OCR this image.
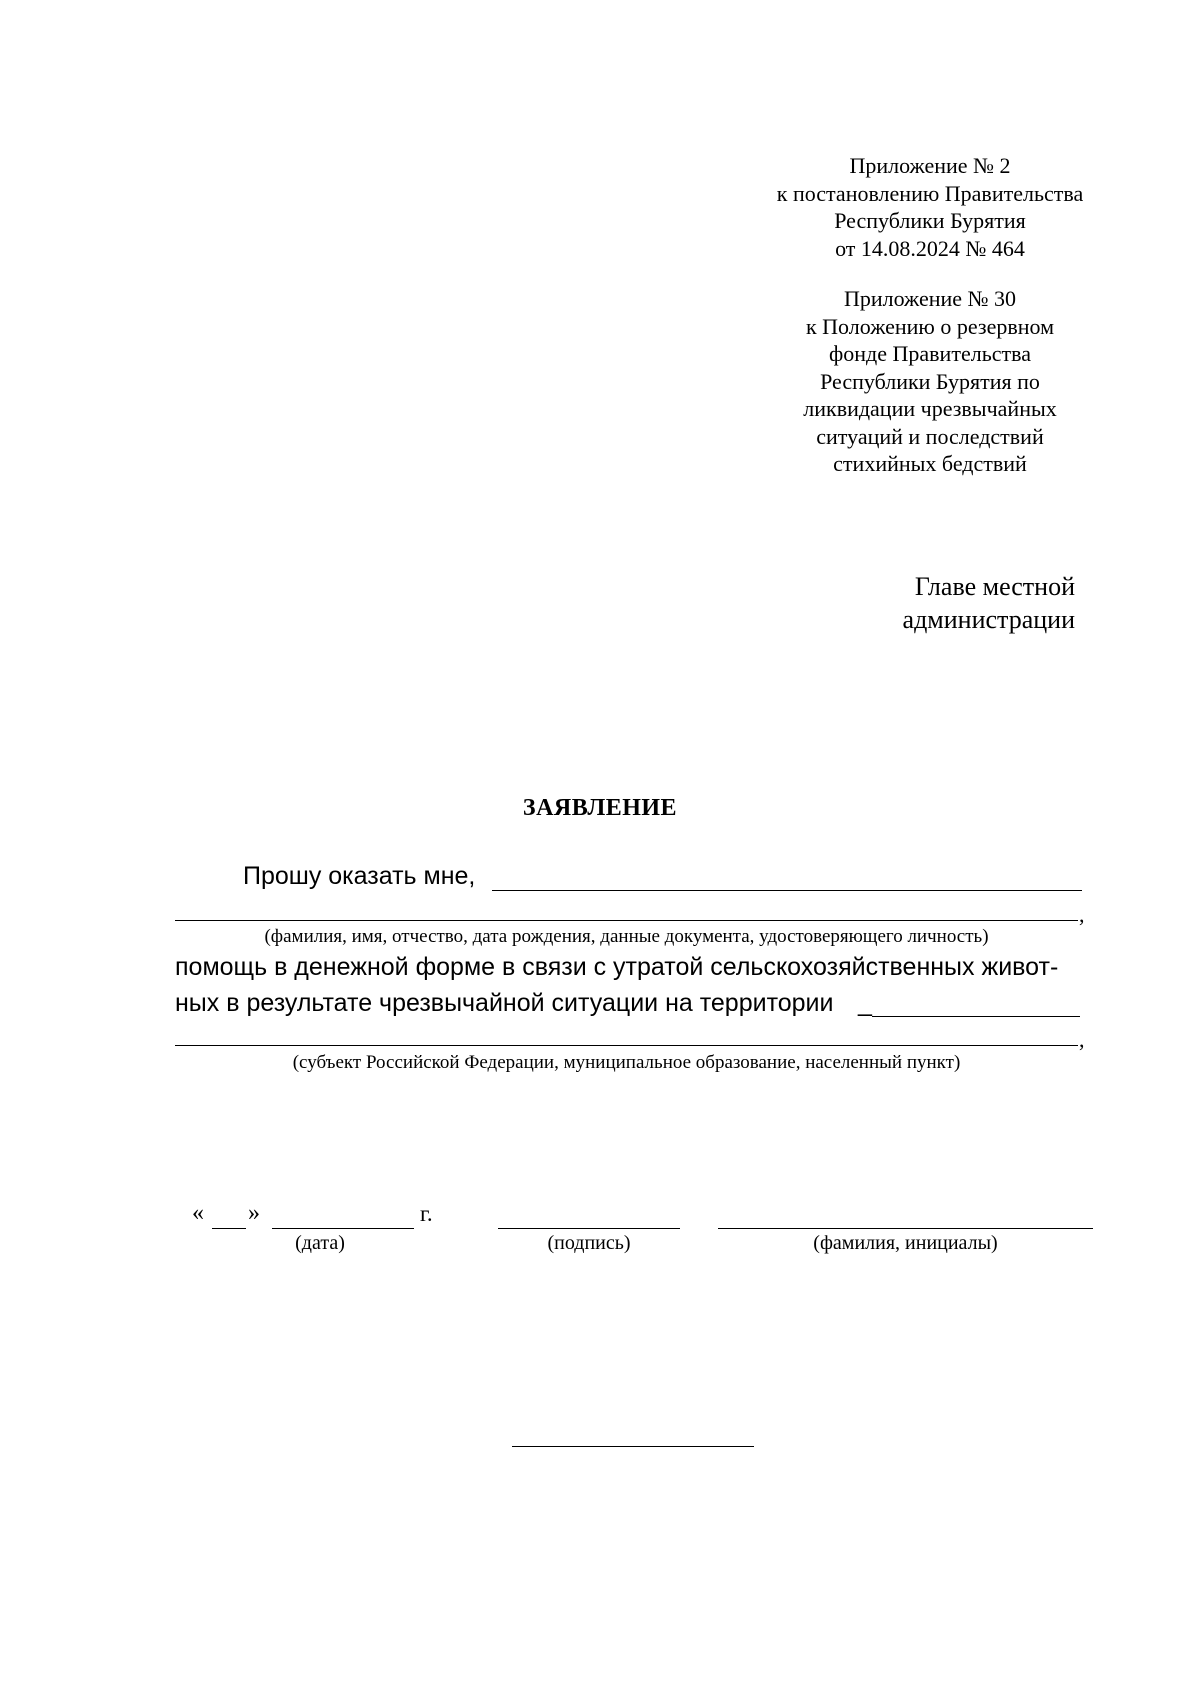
Приложение № 2
к постановлению Правительства
Республики Бурятия
от 14.08.2024 № 464
Приложение № 30
к Положению о резервном
фонде Правительства
Республики Бурятия по
ликвидации чрезвычайных
ситуаций и последствий
стихийных бедствий
Главе местной
администрации
ЗАЯВЛЕНИЕ
Прошу оказать мне,
,
(фамилия, имя, отчество, дата рождения, данные документа, удостоверяющего личность)
помощь в денежной форме в связи с утратой сельскохозяйственных живот-
ных в результате чрезвычайной ситуации на территории _
,
(субъект Российской Федерации, муниципальное образование, населенный пункт)
« »	г.
(дата)	(подпись)	(фамилия, инициалы)
